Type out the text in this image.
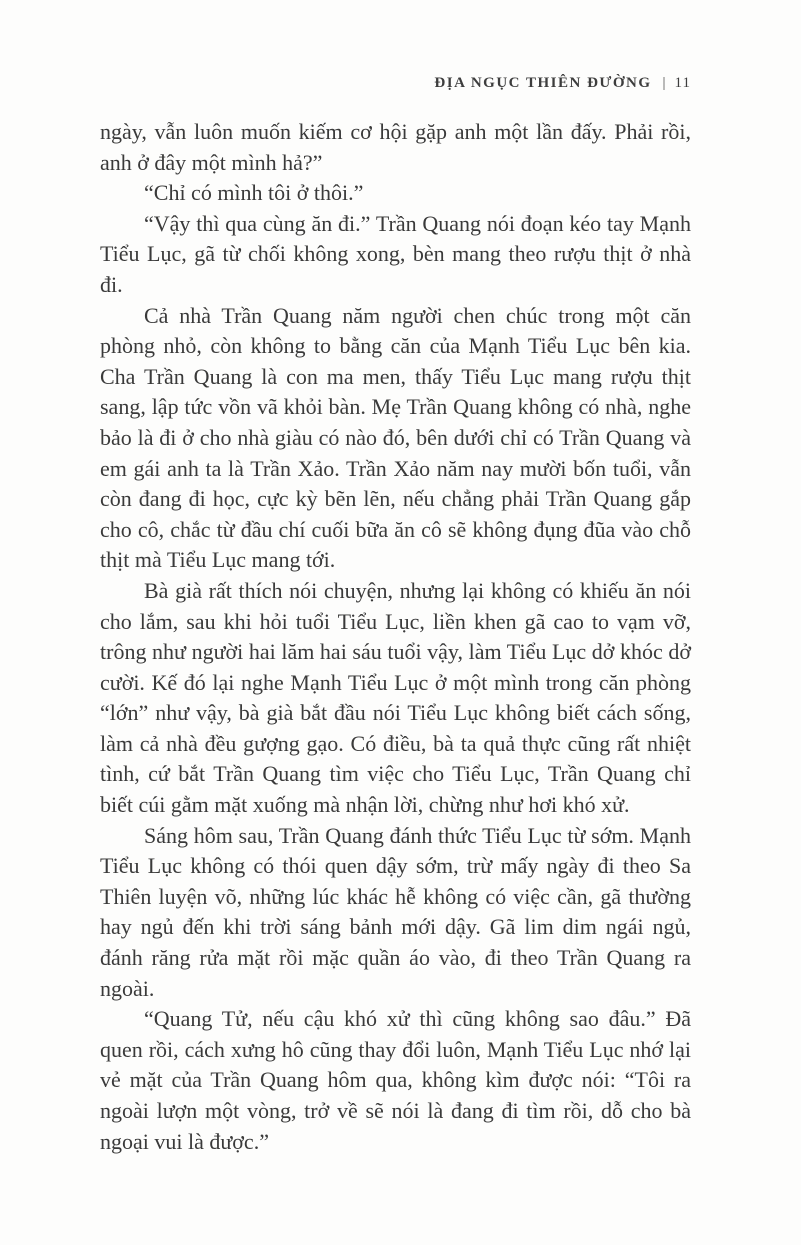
ĐỊA NGỤC THIÊN ĐƯỜNG | 11

ngày, vẫn luôn muốn kiếm cơ hội gặp anh một lần đấy. Phải rồi, anh ở đây một mình hả?”

“Chỉ có mình tôi ở thôi.”

“Vậy thì qua cùng ăn đi.” Trần Quang nói đoạn kéo tay Mạnh Tiểu Lục, gã từ chối không xong, bèn mang theo rượu thịt ở nhà đi.

Cả nhà Trần Quang năm người chen chúc trong một căn phòng nhỏ, còn không to bằng căn của Mạnh Tiểu Lục bên kia. Cha Trần Quang là con ma men, thấy Tiểu Lục mang rượu thịt sang, lập tức vồn vã khỏi bàn. Mẹ Trần Quang không có nhà, nghe bảo là đi ở cho nhà giàu có nào đó, bên dưới chỉ có Trần Quang và em gái anh ta là Trần Xảo. Trần Xảo năm nay mười bốn tuổi, vẫn còn đang đi học, cực kỳ bẽn lẽn, nếu chẳng phải Trần Quang gắp cho cô, chắc từ đầu chí cuối bữa ăn cô sẽ không đụng đũa vào chỗ thịt mà Tiểu Lục mang tới.

Bà già rất thích nói chuyện, nhưng lại không có khiếu ăn nói cho lắm, sau khi hỏi tuổi Tiểu Lục, liền khen gã cao to vạm vỡ, trông như người hai lăm hai sáu tuổi vậy, làm Tiểu Lục dở khóc dở cười. Kế đó lại nghe Mạnh Tiểu Lục ở một mình trong căn phòng “lớn” như vậy, bà già bắt đầu nói Tiểu Lục không biết cách sống, làm cả nhà đều gượng gạo. Có điều, bà ta quả thực cũng rất nhiệt tình, cứ bắt Trần Quang tìm việc cho Tiểu Lục, Trần Quang chỉ biết cúi gằm mặt xuống mà nhận lời, chừng như hơi khó xử.

Sáng hôm sau, Trần Quang đánh thức Tiểu Lục từ sớm. Mạnh Tiểu Lục không có thói quen dậy sớm, trừ mấy ngày đi theo Sa Thiên luyện võ, những lúc khác hễ không có việc cần, gã thường hay ngủ đến khi trời sáng bảnh mới dậy. Gã lim dim ngái ngủ, đánh răng rửa mặt rồi mặc quần áo vào, đi theo Trần Quang ra ngoài.

“Quang Tử, nếu cậu khó xử thì cũng không sao đâu.” Đã quen rồi, cách xưng hô cũng thay đổi luôn, Mạnh Tiểu Lục nhớ lại vẻ mặt của Trần Quang hôm qua, không kìm được nói: “Tôi ra ngoài lượn một vòng, trở về sẽ nói là đang đi tìm rồi, dỗ cho bà ngoại vui là được.”
